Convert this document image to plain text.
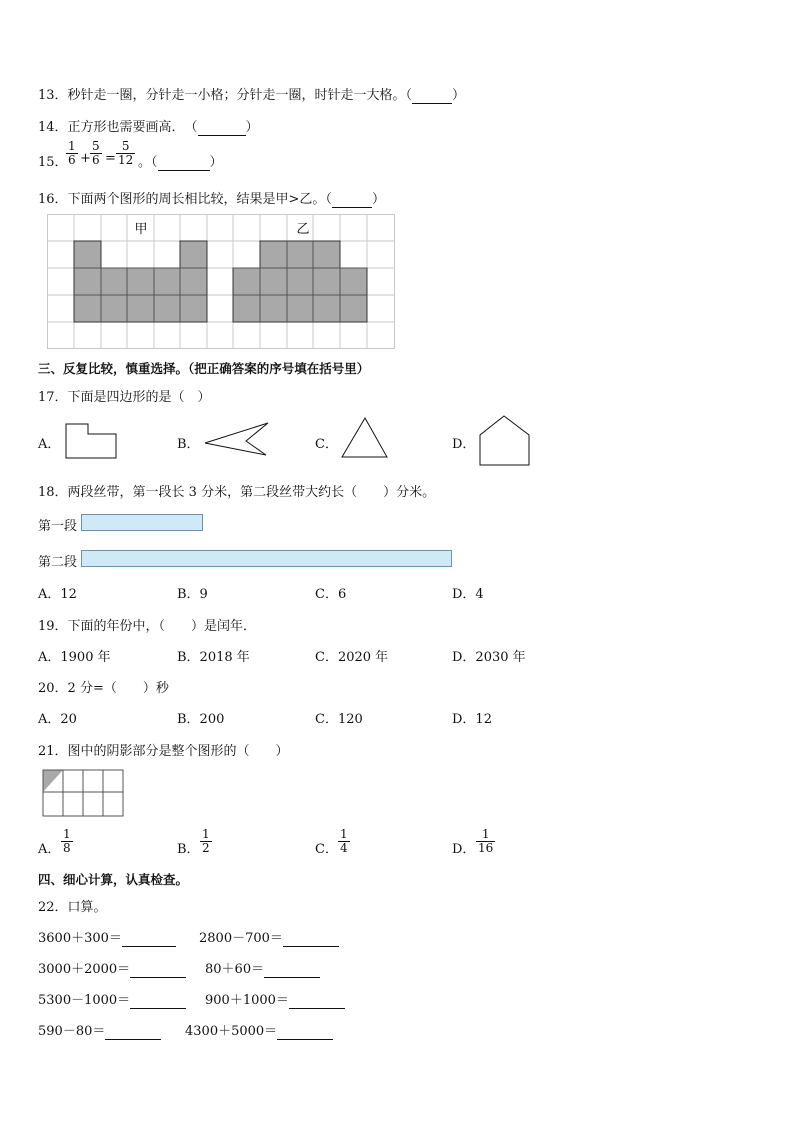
13．秒针走一圈，分针走一小格；分针走一圈，时针走一大格。（	）
14．正方形也需要画高．　（	）
15．
$\frac{1}{6} + \frac{5}{6} = \frac{5}{12}$ 。（	）
16．下面两个图形的周长相比较，结果是甲>乙。（	）
甲	乙
三、反复比较，慎重选择。（把正确答案的序号填在括号里）
17．下面是四边形的是（　）
A．	B．	C．	D．
18．两段丝带，第一段长 3 分米，第二段丝带大约长（　　）分米。
第一段
第二段
A．12	B．9	C．6	D．4
19．下面的年份中，（　　）是闰年．
A．1900 年	B．2018 年	C．2020 年	D．2030 年
20．2 分=（　　）秒
A．20	B．200	C．120	D．12
21．图中的阴影部分是整个图形的（　　）
A． $\frac{1}{8}$	B． $\frac{1}{2}$	C． $\frac{1}{4}$	D． $\frac{1}{16}$
四、细心计算，认真检查。
22．口算。
3600＋300＝	2800－700＝
3000＋2000＝	80＋60＝
5300－1000＝	900＋1000＝
590－80＝	4300＋5000＝
